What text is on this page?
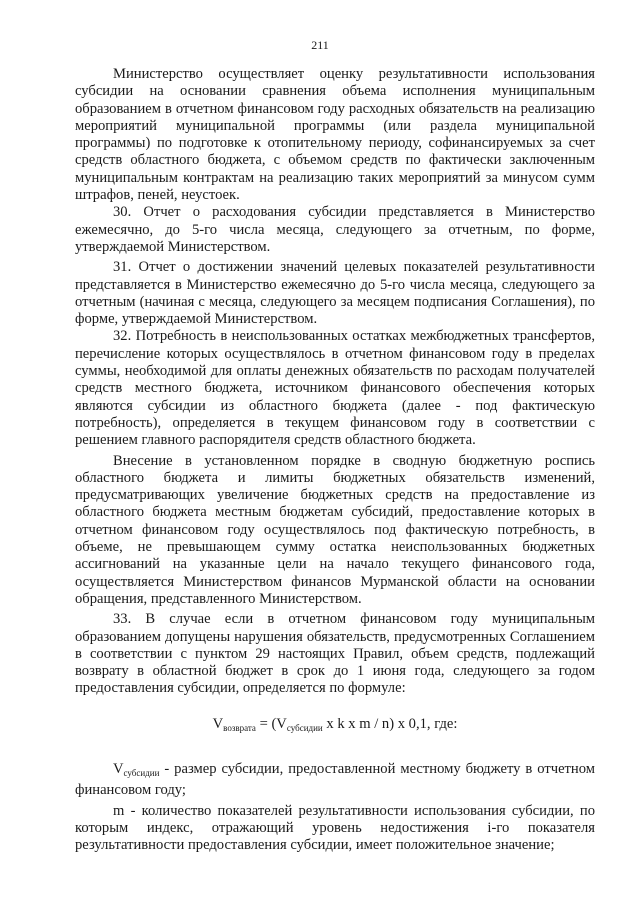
211

Министерство осуществляет оценку результативности использования субсидии на основании сравнения объема исполнения муниципальным образованием в отчетном финансовом году расходных обязательств на реализацию мероприятий муниципальной программы (или раздела муниципальной программы) по подготовке к отопительному периоду, софинансируемых за счет средств областного бюджета, с объемом средств по фактически заключенным муниципальным контрактам на реализацию таких мероприятий за минусом сумм штрафов, пеней, неустоек.

30. Отчет о расходования субсидии представляется в Министерство ежемесячно, до 5-го числа месяца, следующего за отчетным, по форме, утверждаемой Министерством.

31. Отчет о достижении значений целевых показателей результативности представляется в Министерство ежемесячно до 5-го числа месяца, следующего за отчетным (начиная с месяца, следующего за месяцем подписания Соглашения), по форме, утверждаемой Министерством.

32. Потребность в неиспользованных остатках межбюджетных трансфертов, перечисление которых осуществлялось в отчетном финансовом году в пределах суммы, необходимой для оплаты денежных обязательств по расходам получателей средств местного бюджета, источником финансового обеспечения которых являются субсидии из областного бюджета (далее - под фактическую потребность), определяется в текущем финансовом году в соответствии с решением главного распорядителя средств областного бюджета.

Внесение в установленном порядке в сводную бюджетную роспись областного бюджета и лимиты бюджетных обязательств изменений, предусматривающих увеличение бюджетных средств на предоставление из областного бюджета местным бюджетам субсидий, предоставление которых в отчетном финансовом году осуществлялось под фактическую потребность, в объеме, не превышающем сумму остатка неиспользованных бюджетных ассигнований на указанные цели на начало текущего финансового года, осуществляется Министерством финансов Мурманской области на основании обращения, представленного Министерством.

33. В случае если в отчетном финансовом году муниципальным образованием допущены нарушения обязательств, предусмотренных Соглашением в соответствии с пунктом 29 настоящих Правил, объем средств, подлежащий возврату в областной бюджет в срок до 1 июня года, следующего за годом предоставления субсидии, определяется по формуле:

$V_{возврата} = (V_{субсидии}$ x k x m / n) x 0,1, где:

$V_{субсидии}$ - размер субсидии, предоставленной местному бюджету в отчетном финансовом году;

m - количество показателей результативности использования субсидии, по которым индекс, отражающий уровень недостижения i-го показателя результативности предоставления субсидии, имеет положительное значение;
